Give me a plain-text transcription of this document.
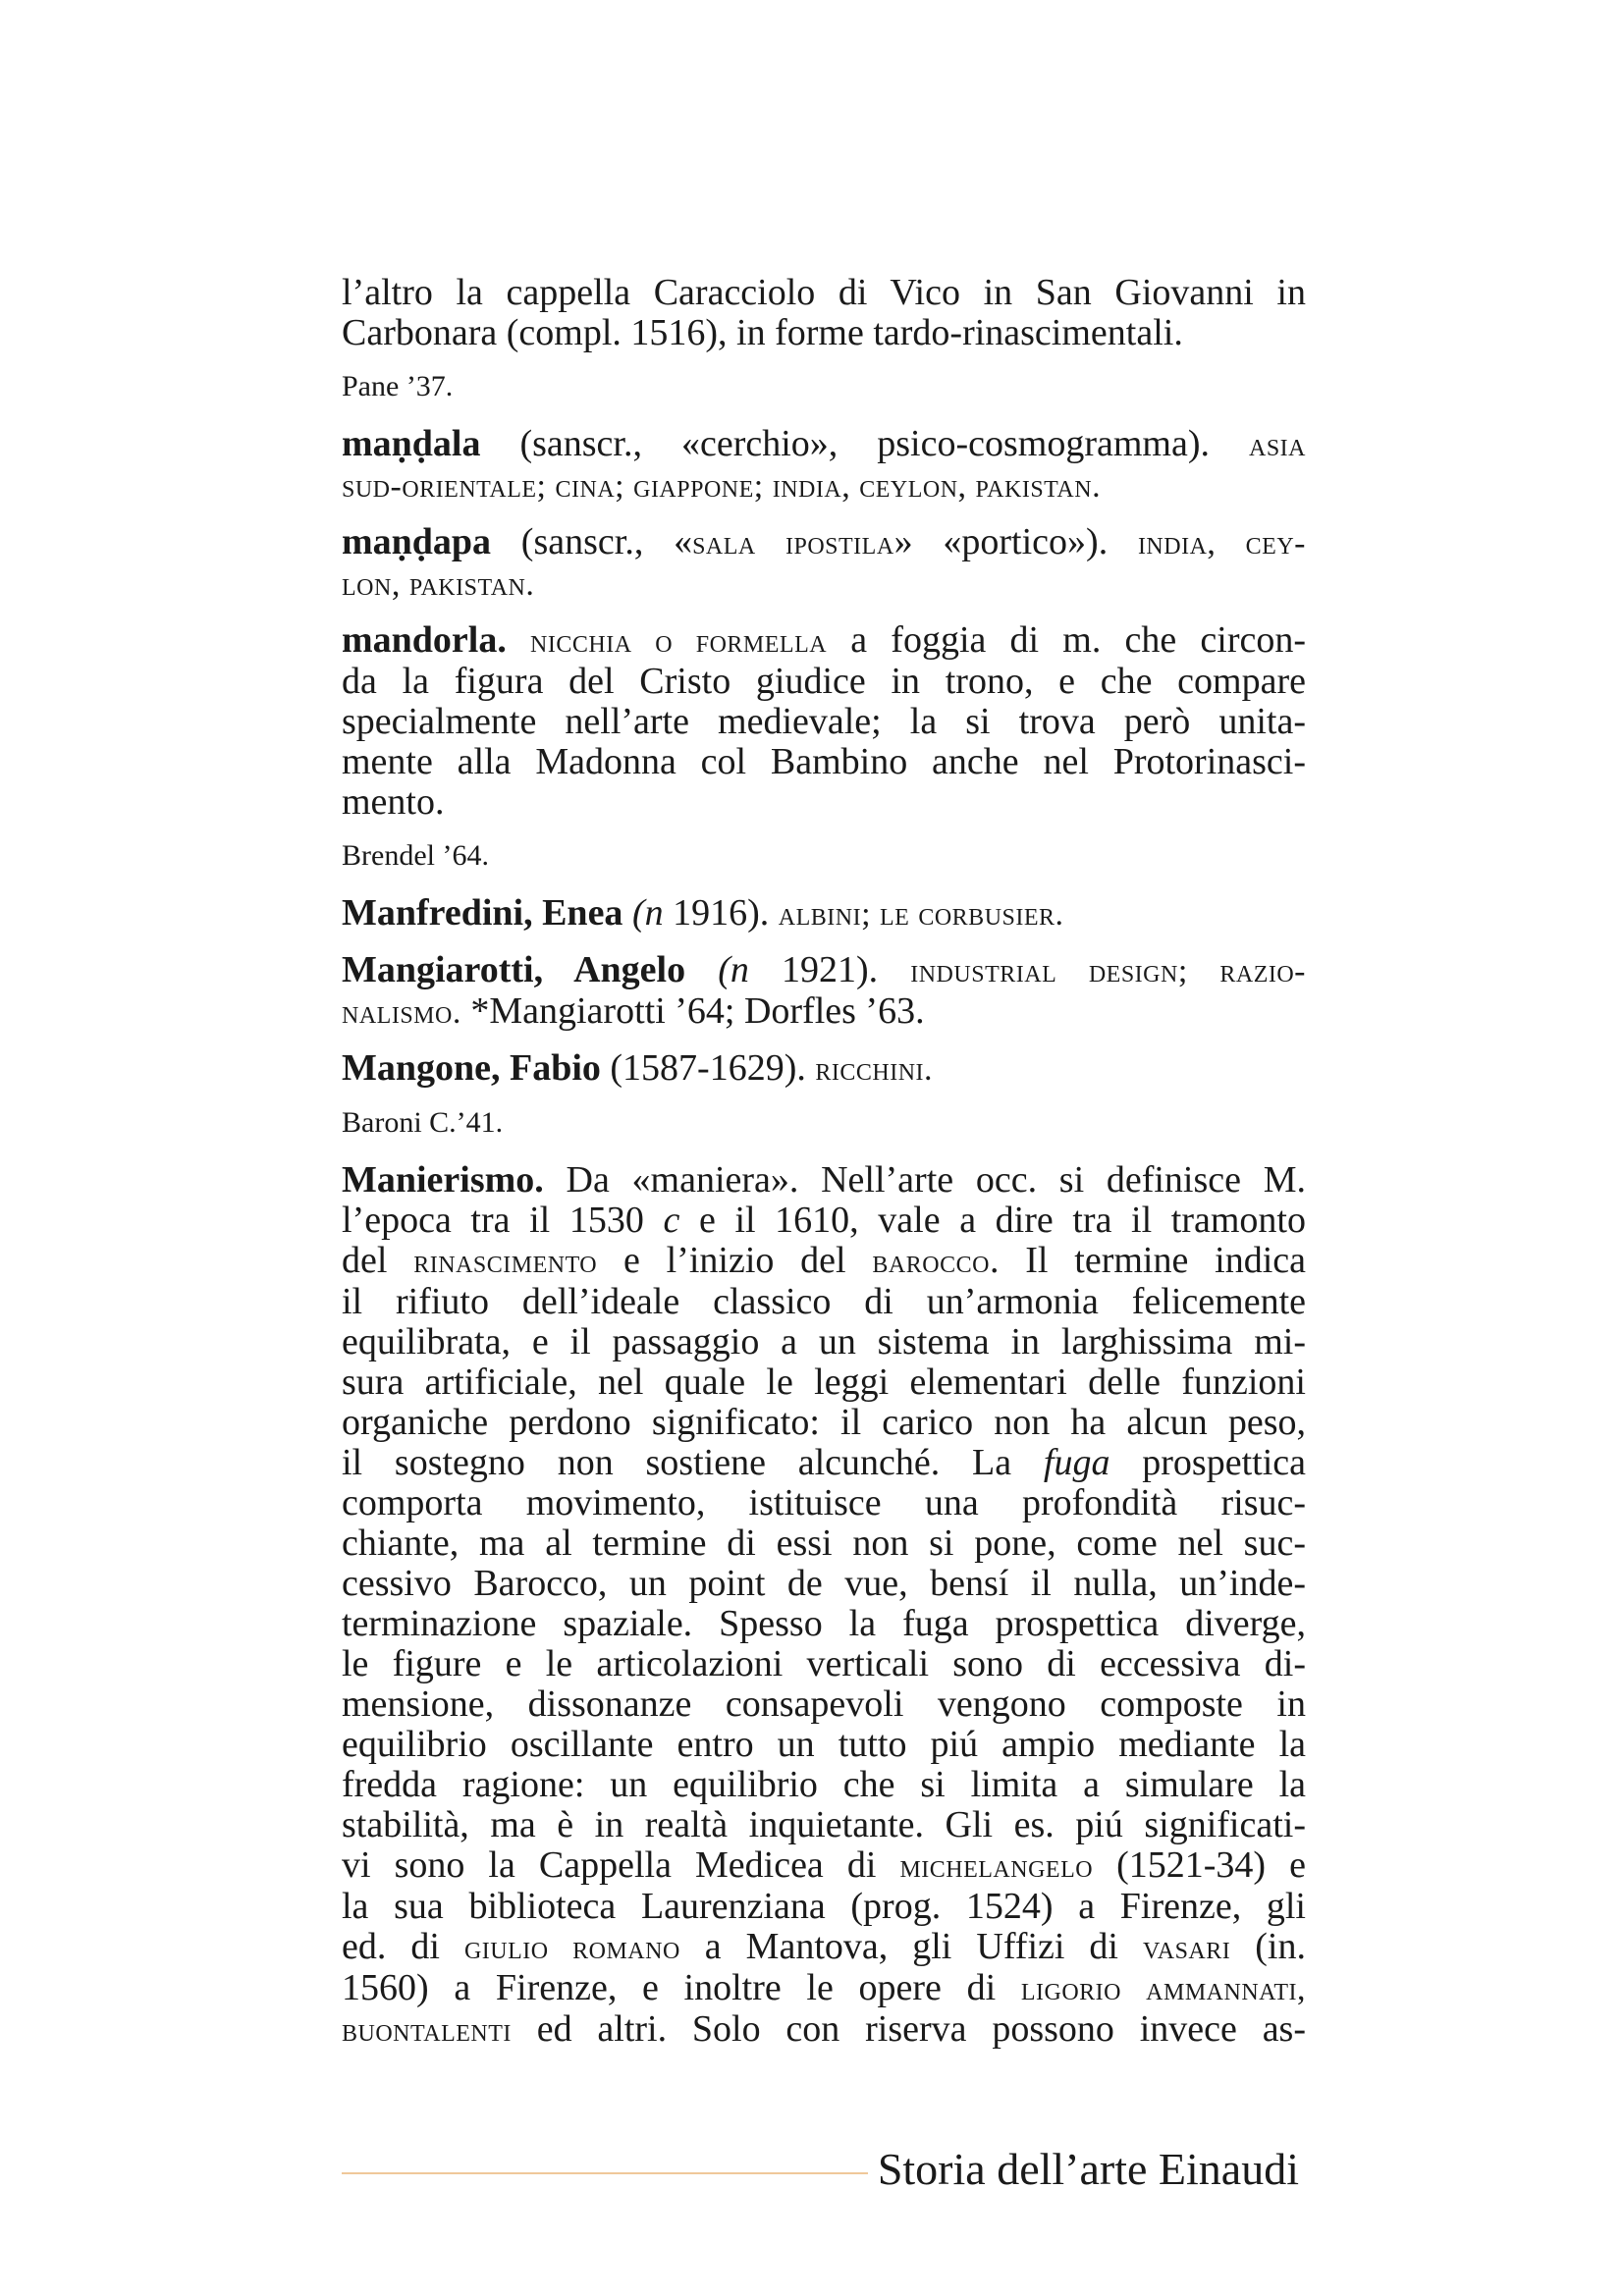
l’altro la cappella Caracciolo di Vico in San Giovanni in
Carbonara (compl. 1516), in forme tardo-rinascimentali.
Pane ’37.
maṇḍala (sanscr., «cerchio», psico-cosmogramma). asia
sud-orientale; cina; giappone; india, ceylon, pakistan.
maṇḍapa (sanscr., «sala ipostila» «portico»). india, cey-
lon, pakistan.
mandorla. nicchia o formella a foggia di m. che circon-
da la figura del Cristo giudice in trono, e che compare
specialmente nell’arte medievale; la si trova però unita-
mente alla Madonna col Bambino anche nel Protorinasci-
mento.
Brendel ’64.
Manfredini, Enea (n 1916). albini; le corbusier.
Mangiarotti, Angelo (n 1921). industrial design; razio-
nalismo. *Mangiarotti ’64; Dorfles ’63.
Mangone, Fabio (1587-1629). ricchini.
Baroni C.’41.
Manierismo. Da «maniera». Nell’arte occ. si definisce M.
l’epoca tra il 1530 c e il 1610, vale a dire tra il tramonto
del rinascimento e l’inizio del barocco. Il termine indica
il rifiuto dell’ideale classico di un’armonia felicemente
equilibrata, e il passaggio a un sistema in larghissima mi-
sura artificiale, nel quale le leggi elementari delle funzioni
organiche perdono significato: il carico non ha alcun peso,
il sostegno non sostiene alcunché. La fuga prospettica
comporta movimento, istituisce una profondità risuc-
chiante, ma al termine di essi non si pone, come nel suc-
cessivo Barocco, un point de vue, bensí il nulla, un’inde-
terminazione spaziale. Spesso la fuga prospettica diverge,
le figure e le articolazioni verticali sono di eccessiva di-
mensione, dissonanze consapevoli vengono composte in
equilibrio oscillante entro un tutto piú ampio mediante la
fredda ragione: un equilibrio che si limita a simulare la
stabilità, ma è in realtà inquietante. Gli es. piú significati-
vi sono la Cappella Medicea di michelangelo (1521-34) e
la sua biblioteca Laurenziana (prog. 1524) a Firenze, gli
ed. di giulio romano a Mantova, gli Uffizi di vasari (in.
1560) a Firenze, e inoltre le opere di ligorio ammannati,
buontalenti ed altri. Solo con riserva possono invece as-
Storia dell’arte Einaudi
